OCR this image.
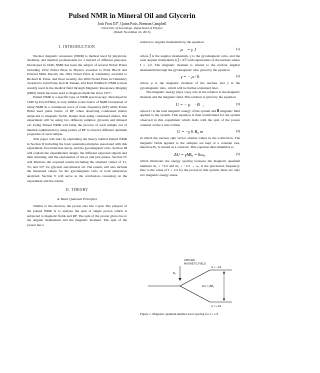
Pulsed NMR in Mineral Oil and Glycerin
Josh Frost III*, Quinn Potts, Brennan Campbell
University of San Diego, Department of Physics
(Dated: November 22, 2015)
I. INTRODUCTION

Nuclear magnetic resonance (NMR) is method used by physicists, chemists, and medical professionals for a myriad of different purposes. Developed in 1946, NMR has been the subject of several Nobel Prizes including 1952 Nobel Prize in Physics awarded to Felix Bloch and Edward Mills Purcell, the 1991 Nobel Prize in Chemistry awarded to Richard R. Ernst, and most recently, the 2002 Nobel Prize in Chemistry awarded to John Fenn, Koichi Tanaka, and Kurt Wüthrich. NMR is most notably used in the medical field through Magnetic Resonance Imaging (MRI) which has been used to diagnose medicine since 1977.

Pulsed NMR is a specific type of NMR spectroscopy. Developed in 1949 by Erwin Hahn, is very similar to the basics of NMR but instead of using NMR in a continuous wave of radio frequency (RF) while Erwin Hahn used pulse bursts of RF when observing condensed matter subjected to magnetic fields. Rather than using condensed matter, this experiment will be using two different samples: glycerin and mineral oil. Using Pulsed NMR will bring the process of each sample out of thermal equilibrium by using pulses of RF to observe different quantum properties of each sample.

This paper will start by explaining the theory behind Pulsed NMR in Section II including the basic quantum principles associated with this experiment, free induction decay, and the gyromagnetic ratio. Section III will explain the experimental design, the different expected signals and their meaning, and the explanation of the pi and pi/2 pulses. Section IV will illustrate the acquired results including the obtained values of T1, T2, and T2* for glycerin and mineral oil. The results will also include the measured values for the gyromagnetic ratio of both substances analyzed. Section V will serve as the conclusion, reasoning on the experiment and the results.

II. THEORY
A. Basic Quantum Principles

Similar to the electron, the proton also has a spin. The purpose of the pulsed NMR is to analyze the spin of single proton which is subjected to magnetic fields and RF. The spin of the proton gives rise to the angular momentum and the magnetic moment. The spin of the proton has a

relation to angular momentum by the equation

μ⃗ = γ J⃗	(1)

where J⃗ is the angular momentum, γ is the gyromagnetic ratio, and the total angular momentum is J⃗ = ħ·I⃗ with eigenvalues of the nucleus where I = 1/2. The magnetic moment is related to the nuclear angular momentum through the gyromagnetic ratio given by the equation

γ = − μ / ħ	(2)

where μ is the magnetic moment of the nucleus and γ is the gyromagnetic ratio, which will be further explained later.

The magnetic energy plays a key role in the relation to the magnetic moment and the magnetic field. This relation is given by the equation

U = − μ⃗ · B⃗,	(3)

where U is the total magnetic energy of the system and B⃗ magnetic field applied to the system. This equation is then transformed for the system observed in this experiment which deals with the spin of the proton oriented on the z axis written

U = −γ ħ B₀ m	(4)

in which the nuclear spin vector obtains values in the z-direction. The magnetic fields applied to the samples are kept at a constant rate, therefore B₀ is treated as a constant. This equation then simplifies to

ΔU = γħB₀ = ħω₀.	(5)

which illustrates the energy spacing between the magnetic quantum numbers m₁ = +1/2 and m₂ = −1/2 → ω₀ is the precession frequency. Due to the value of I = 1/2 for the proton in this system, there are only two magnetic energy states.

APPLIED
MAGNETIC FIELD
B₀
m = −1/2
m = +1/2
ΔU = γħB₀
Figure 1. Magnetic quantum number level spacing for I = 1/2
